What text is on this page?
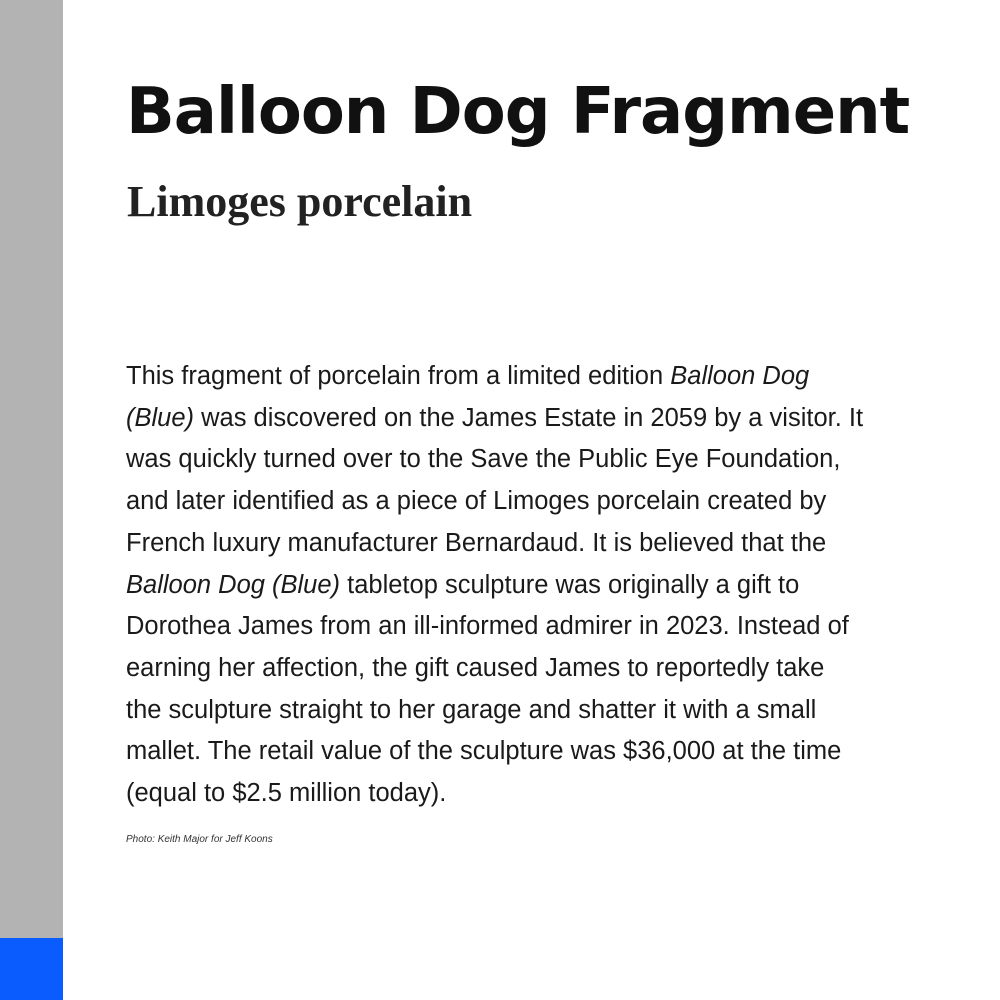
Balloon Dog Fragment
Limoges porcelain

This fragment of porcelain from a limited edition Balloon Dog
(Blue) was discovered on the James Estate in 2059 by a visitor. It
was quickly turned over to the Save the Public Eye Foundation,
and later identified as a piece of Limoges porcelain created by
French luxury manufacturer Bernardaud. It is believed that the
Balloon Dog (Blue) tabletop sculpture was originally a gift to
Dorothea James from an ill-informed admirer in 2023. Instead of
earning her affection, the gift caused James to reportedly take
the sculpture straight to her garage and shatter it with a small
mallet. The retail value of the sculpture was $36,000 at the time
(equal to $2.5 million today).

Photo: Keith Major for Jeff Koons
